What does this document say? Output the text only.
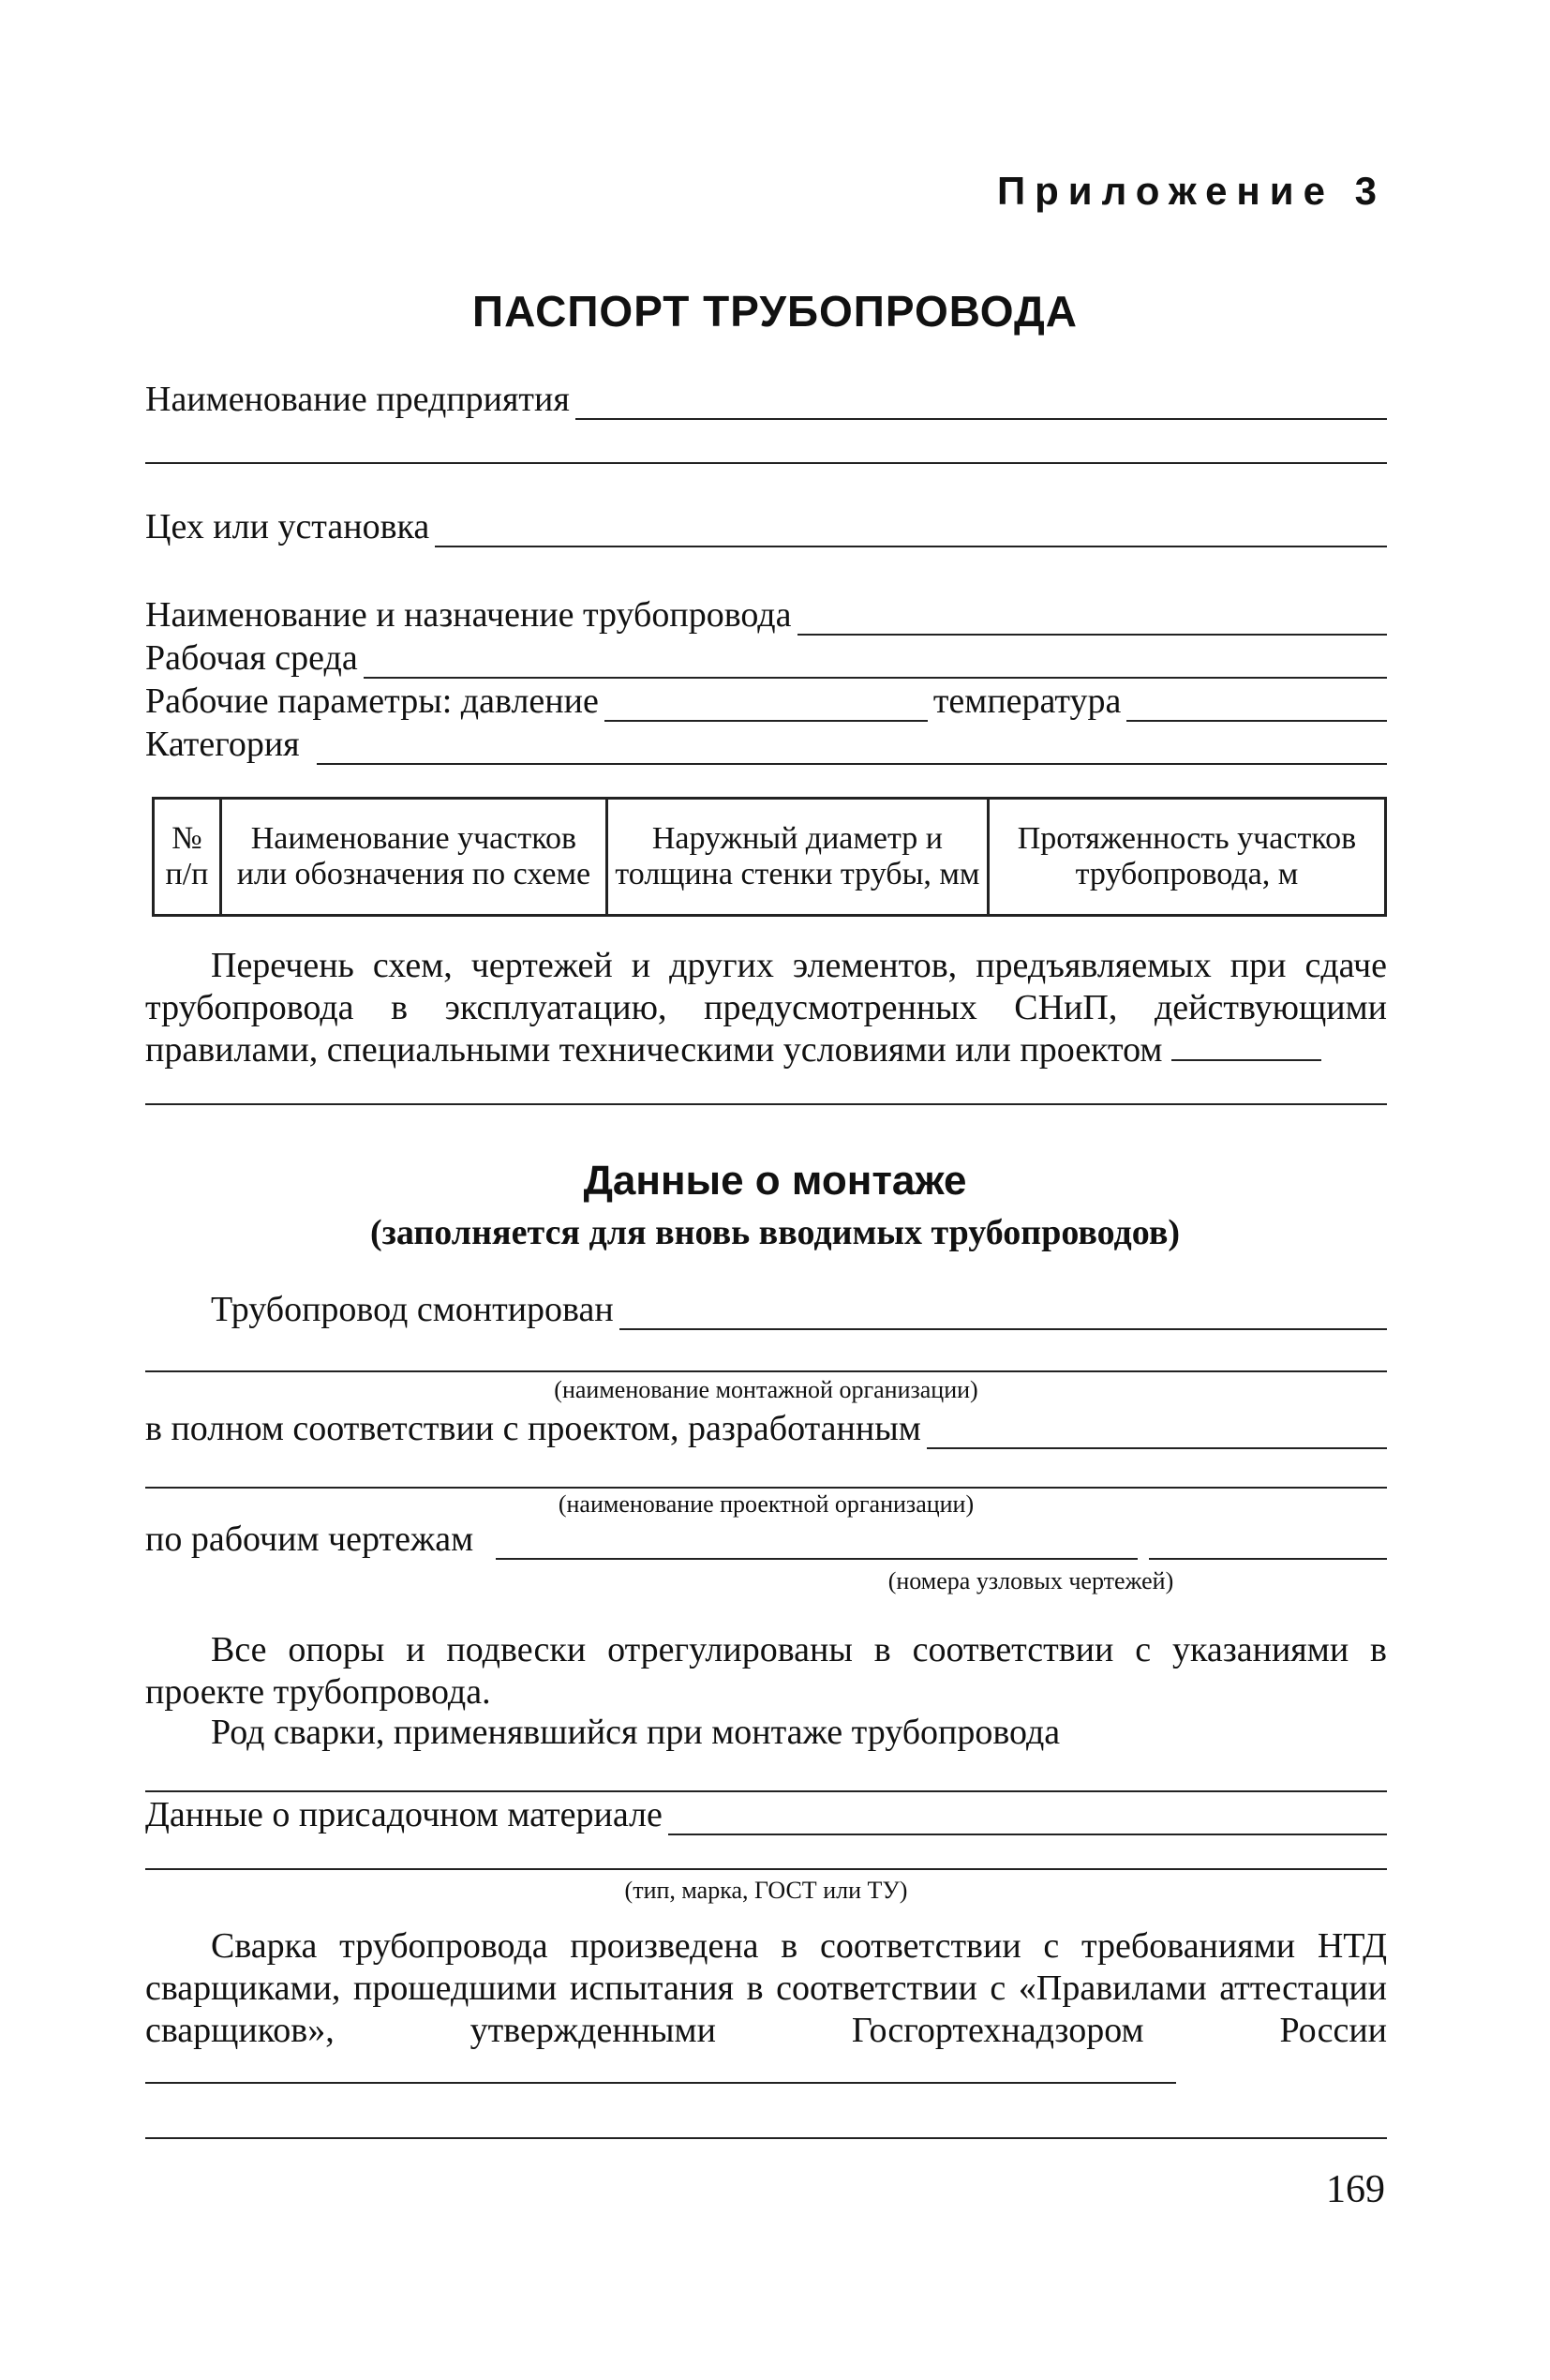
Приложение 3
ПАСПОРТ ТРУБОПРОВОДА
Наименование предприятия
Цех или установка
Наименование и назначение трубопровода
Рабочая среда
Рабочие параметры: давление	температура
Категория
№ п/п	Наименование участков или обозначения по схеме	Наружный диаметр и толщина стенки трубы, мм	Протяженность участков трубопровода, м
Перечень схем, чертежей и других элементов, предъявляемых при сдаче трубопровода в эксплуатацию, предусмотренных СНиП, действующими правилами, специальными техническими условиями или проектом
Данные о монтаже
(заполняется для вновь вводимых трубопроводов)
Трубопровод смонтирован
(наименование монтажной организации)
в полном соответствии с проектом, разработанным
(наименование проектной организации)
по рабочим чертежам
(номера узловых чертежей)
Все опоры и подвески отрегулированы в соответствии с указаниями в проекте трубопровода.
Род сварки, применявшийся при монтаже трубопровода
Данные о присадочном материале
(тип, марка, ГОСТ или ТУ)
Сварка трубопровода произведена в соответствии с требованиями НТД сварщиками, прошедшими испытания в соответствии с «Правилами аттестации сварщиков», утвержденными Госгортехнадзором России
169
